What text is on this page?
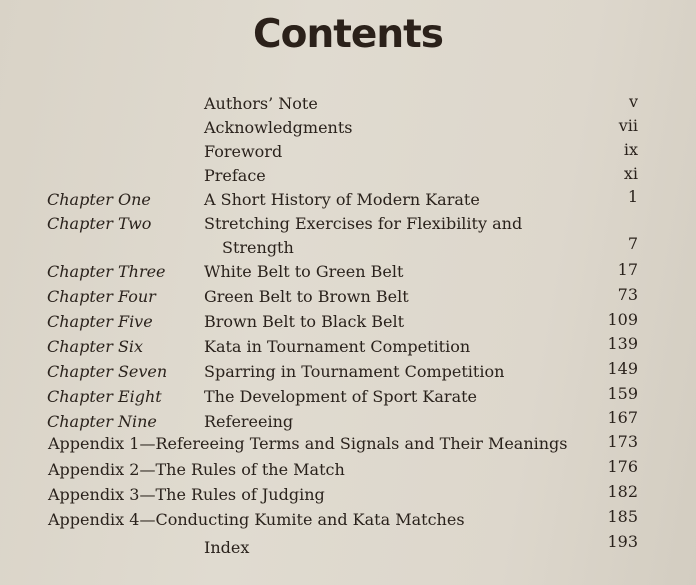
Contents
Authors’ Note	v
Acknowledgments	vii
Foreword	ix
Preface	xi
Chapter One	A Short History of Modern Karate	1
Chapter Two	Stretching Exercises for Flexibility and
Strength	7
Chapter Three White Belt to Green Belt	17
Chapter Four	Green Belt to Brown Belt	73
Chapter Five	Brown Belt to Black Belt	109
Chapter Six	Kata in Tournament Competition	139
Chapter Seven Sparring in Tournament Competition	149
Chapter Eight	The Development of Sport Karate	159
Chapter Nine	Refereeing	167
Appendix 1—Refereeing Terms and Signals and Their Meanings 173
Appendix 2—The Rules of the Match	176
Appendix 3—The Rules of Judging	182
Appendix 4—Conducting Kumite and Kata Matches	185
Index	193
